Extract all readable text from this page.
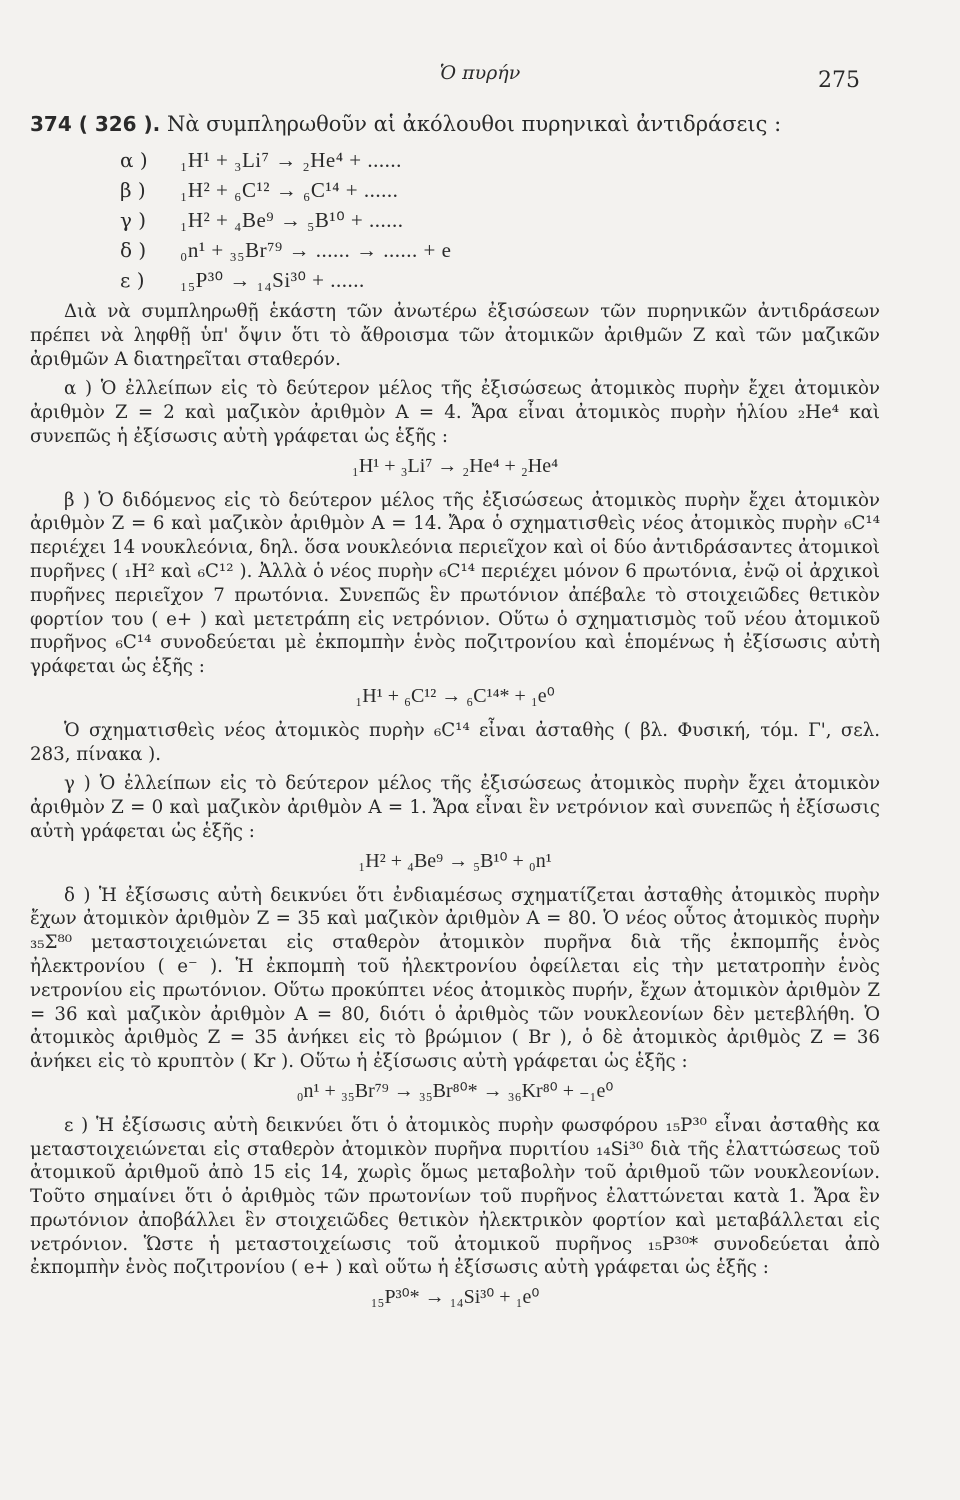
Ὁ πυρήν	275
374 ( 326 ). Νὰ συμπληρωθοῦν αἱ ἀκόλουθοι πυρηνικαὶ ἀντιδράσεις :
α )	₁H¹ + ₃Li⁷ → ₂He⁴ + ......
β )	₁H² + ₆C¹² → ₆C¹⁴ + ......
γ )	₁H² + ₄Be⁹ → ₅B¹⁰ + ......
δ )	₀n¹ + ₃₅Br⁷⁹ → ...... → ...... + e
ε )	₁₅P³⁰ → ₁₄Si³⁰ + ......

Διὰ νὰ συμπληρωθῇ ἑκάστη τῶν ἀνωτέρω ἐξισώσεων τῶν πυρηνικῶν ἀντιδράσεων πρέπει νὰ ληφθῇ ὑπ' ὄψιν ὅτι τὸ ἄθροισμα τῶν ἀτομικῶν ἀριθμῶν Ζ καὶ τῶν μαζικῶν ἀριθμῶν Α διατηρεῖται σταθερόν.

α ) Ὁ ἐλλείπων εἰς τὸ δεύτερον μέλος τῆς ἐξισώσεως ἀτομικὸς πυρὴν ἔχει ἀτομικὸν ἀριθμὸν Ζ = 2 καὶ μαζικὸν ἀριθμὸν Α = 4. Ἄρα εἶναι ἀτομικὸς πυρὴν ἡλίου ₂He⁴ καὶ συνεπῶς ἡ ἐξίσωσις αὐτὴ γράφεται ὡς ἑξῆς :

₁H¹ + ₃Li⁷ → ₂He⁴ + ₂He⁴

β ) Ὁ διδόμενος εἰς τὸ δεύτερον μέλος τῆς ἐξισώσεως ἀτομικὸς πυρὴν ἔχει ἀτομικὸν ἀριθμὸν Ζ = 6 καὶ μαζικὸν ἀριθμὸν Α = 14. Ἄρα ὁ σχηματισθεὶς νέος ἀτομικὸς πυρὴν ₆C¹⁴ περιέχει 14 νουκλεόνια, δηλ. ὅσα νουκλεόνια περιεῖχον καὶ οἱ δύο ἀντιδράσαντες ἀτομικοὶ πυρῆνες ( ₁H² καὶ ₆C¹² ). Ἀλλὰ ὁ νέος πυρὴν ₆C¹⁴ περιέχει μόνον 6 πρωτόνια, ἐνῷ οἱ ἀρχικοὶ πυρῆνες περιεῖχον 7 πρωτόνια. Συνεπῶς ἓν πρωτόνιον ἀπέβαλε τὸ στοιχειῶδες θετικὸν φορτίον του ( e+ ) καὶ μετετράπη εἰς νετρόνιον. Οὕτω ὁ σχηματισμὸς τοῦ νέου ἀτομικοῦ πυρῆνος ₆C¹⁴ συνοδεύεται μὲ ἐκπομπὴν ἑνὸς ποζιτρονίου καὶ ἑπομένως ἡ ἐξίσωσις αὐτὴ γράφεται ὡς ἑξῆς :

₁H¹ + ₆C¹² → ₆C¹⁴* + ₁e⁰

Ὁ σχηματισθεὶς νέος ἀτομικὸς πυρὴν ₆C¹⁴ εἶναι ἀσταθὴς ( βλ. Φυσική, τόμ. Γ', σελ. 283, πίνακα ).

γ ) Ὁ ἐλλείπων εἰς τὸ δεύτερον μέλος τῆς ἐξισώσεως ἀτομικὸς πυρὴν ἔχει ἀτομικὸν ἀριθμὸν Ζ = 0 καὶ μαζικὸν ἀριθμὸν Α = 1. Ἄρα εἶναι ἓν νετρόνιον καὶ συνεπῶς ἡ ἐξίσωσις αὐτὴ γράφεται ὡς ἑξῆς :

₁H² + ₄Be⁹ → ₅B¹⁰ + ₀n¹

δ ) Ἡ ἐξίσωσις αὐτὴ δεικνύει ὅτι ἐνδιαμέσως σχηματίζεται ἀσταθὴς ἀτομικὸς πυρὴν ἔχων ἀτομικὸν ἀριθμὸν Ζ = 35 καὶ μαζικὸν ἀριθμὸν Α = 80. Ὁ νέος οὗτος ἀτομικὸς πυρὴν ₃₅Σ⁸⁰ μεταστοιχειώνεται εἰς σταθερὸν ἀτομικὸν πυρῆνα διὰ τῆς ἐκπομπῆς ἑνὸς ἠλεκτρονίου ( e⁻ ). Ἡ ἐκπομπὴ τοῦ ἠλεκτρονίου ὀφείλεται εἰς τὴν μετατροπὴν ἑνὸς νετρονίου εἰς πρωτόνιον. Οὕτω προκύπτει νέος ἀτομικὸς πυρήν, ἔχων ἀτομικὸν ἀριθμὸν Ζ = 36 καὶ μαζικὸν ἀριθμὸν Α = 80, διότι ὁ ἀριθμὸς τῶν νουκλεονίων δὲν μετεβλήθη. Ὁ ἀτομικὸς ἀριθμὸς Ζ = 35 ἀνήκει εἰς τὸ βρώμιον ( Br ), ὁ δὲ ἀτομικὸς ἀριθμὸς Ζ = 36 ἀνήκει εἰς τὸ κρυπτὸν ( Kr ). Οὕτω ἡ ἐξίσωσις αὐτὴ γράφεται ὡς ἑξῆς :

₀n¹ + ₃₅Br⁷⁹ → ₃₅Br⁸⁰* → ₃₆Kr⁸⁰ + ₋₁e⁰

ε ) Ἡ ἐξίσωσις αὐτὴ δεικνύει ὅτι ὁ ἀτομικὸς πυρὴν φωσφόρου ₁₅P³⁰ εἶναι ἀσταθὴς κα μεταστοιχειώνεται εἰς σταθερὸν ἀτομικὸν πυρῆνα πυριτίου ₁₄Si³⁰ διὰ τῆς ἐλαττώσεως τοῦ ἀτομικοῦ ἀριθμοῦ ἀπὸ 15 εἰς 14, χωρὶς ὅμως μεταβολὴν τοῦ ἀριθμοῦ τῶν νουκλεονίων. Τοῦτο σημαίνει ὅτι ὁ ἀριθμὸς τῶν πρωτονίων τοῦ πυρῆνος ἐλαττώνεται κατὰ 1. Ἄρα ἓν πρωτόνιον ἀποβάλλει ἓν στοιχειῶδες θετικὸν ἠλεκτρικὸν φορτίον καὶ μεταβάλλεται εἰς νετρόνιον. Ὥστε ἡ μεταστοιχείωσις τοῦ ἀτομικοῦ πυρῆνος ₁₅P³⁰* συνοδεύεται ἀπὸ ἐκπομπὴν ἑνὸς ποζιτρονίου ( e+ ) καὶ οὕτω ἡ ἐξίσωσις αὐτὴ γράφεται ὡς ἑξῆς :

₁₅P³⁰* → ₁₄Si³⁰ + ₁e⁰
